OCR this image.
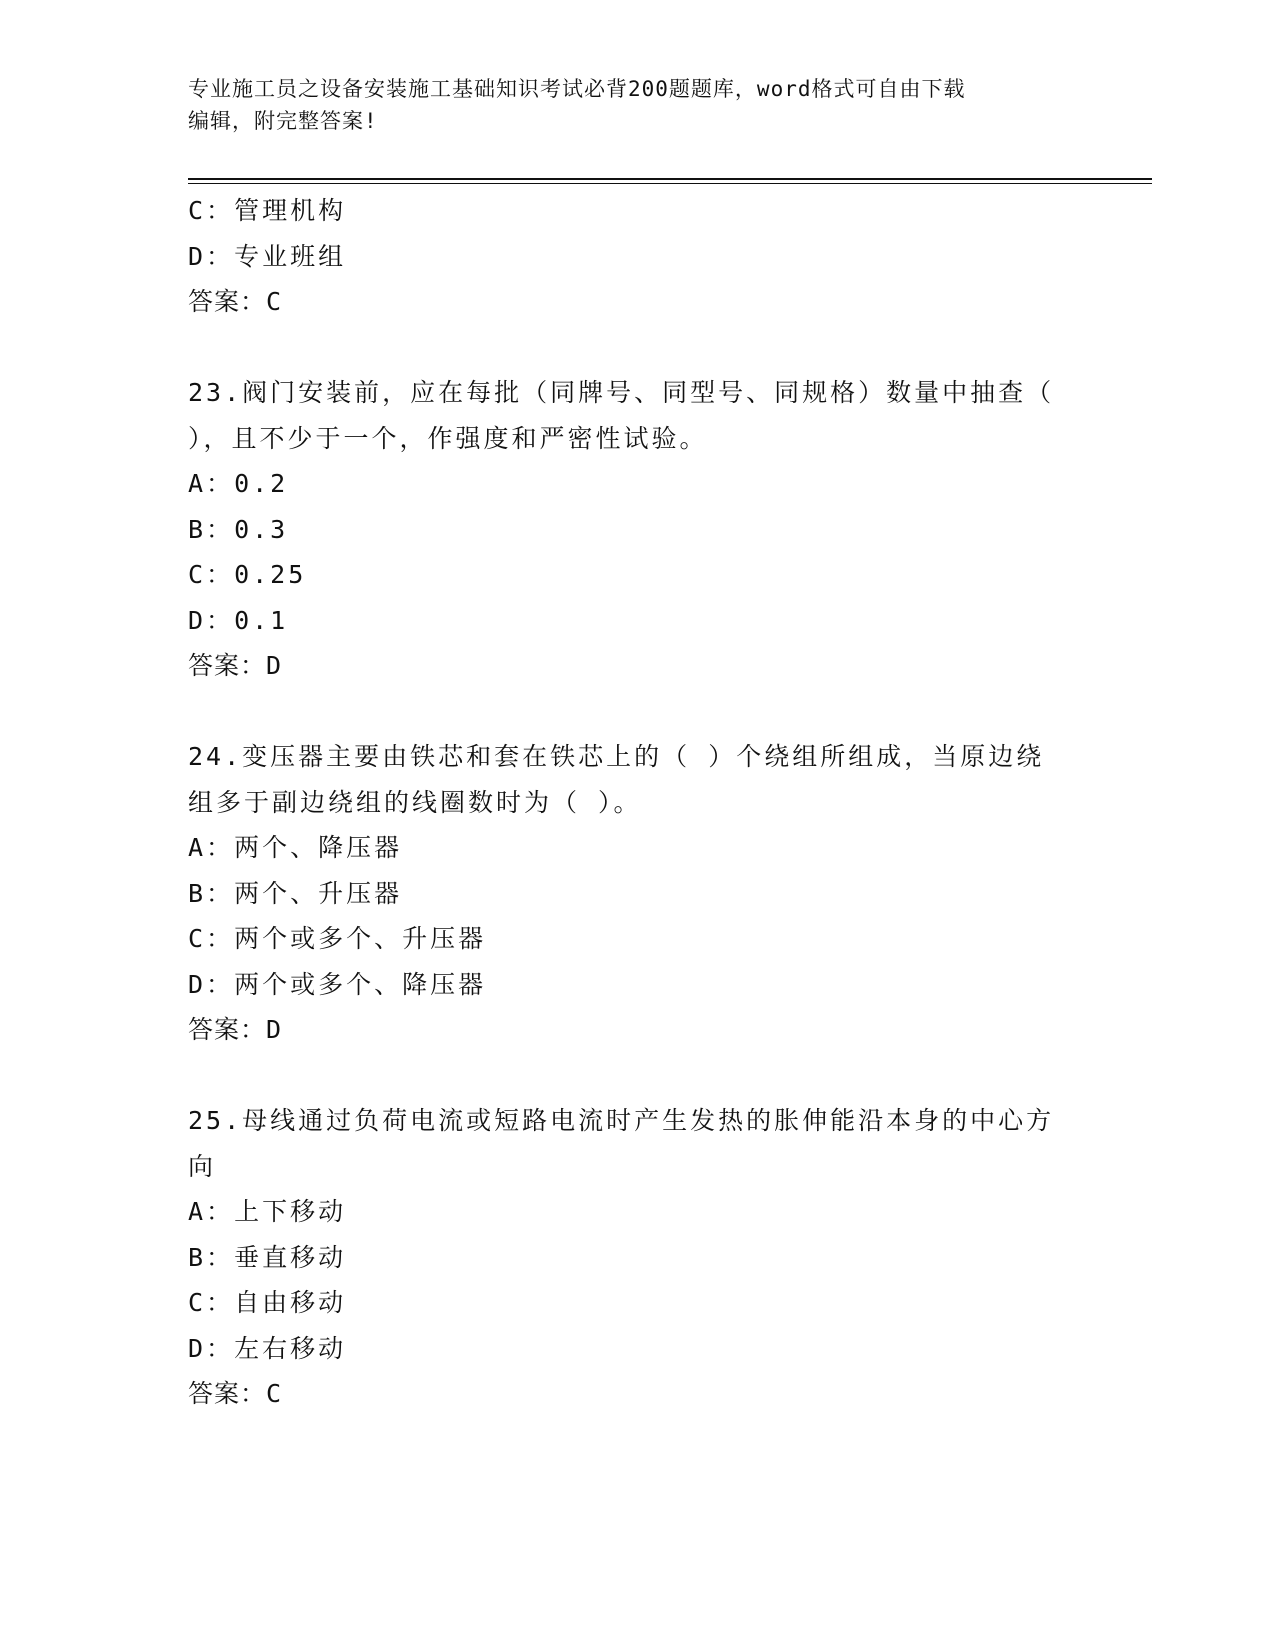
专业施工员之设备安装施工基础知识考试必背200题题库，word格式可自由下载
编辑，附完整答案!
C：管理机构
D：专业班组
答案：C
23.阀门安装前，应在每批（同牌号、同型号、同规格）数量中抽查（
），且不少于一个，作强度和严密性试验。
A：0.2
B：0.3
C：0.25
D：0.1
答案：D
24.变压器主要由铁芯和套在铁芯上的（ ）个绕组所组成，当原边绕
组多于副边绕组的线圈数时为（ ）。
A：两个、降压器
B：两个、升压器
C：两个或多个、升压器
D：两个或多个、降压器
答案：D
25.母线通过负荷电流或短路电流时产生发热的胀伸能沿本身的中心方
向
A：上下移动
B：垂直移动
C：自由移动
D：左右移动
答案：C
